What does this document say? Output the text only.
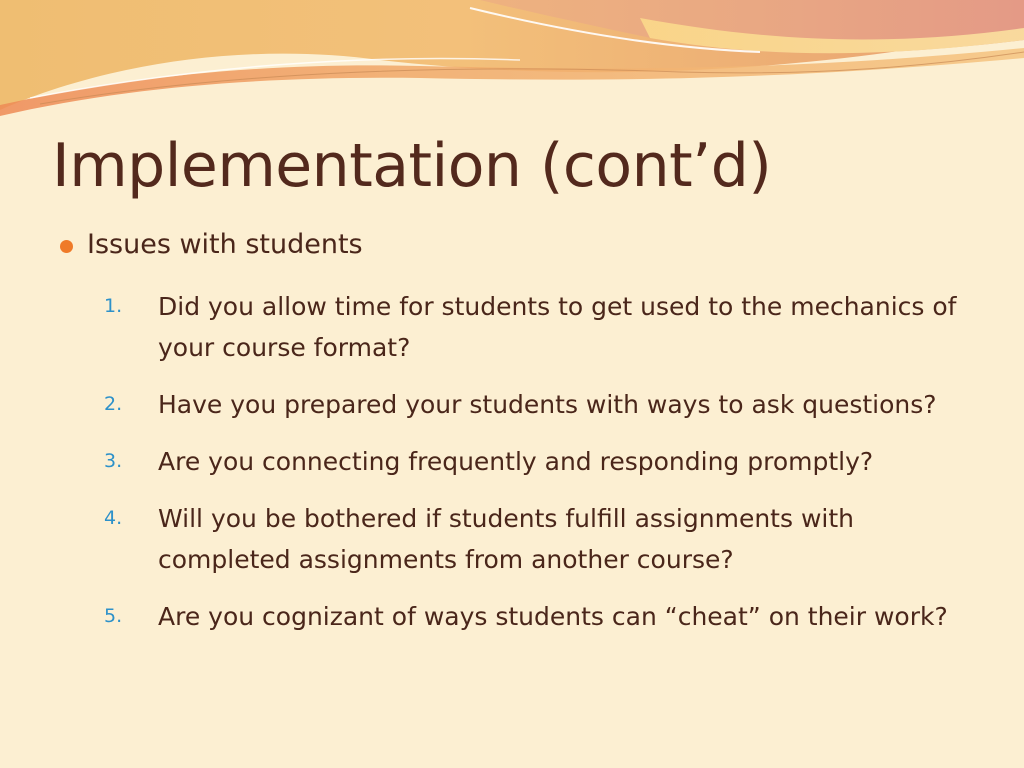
Implementation (cont’d)
Issues with students
1.	Did you allow time for students to get used to the mechanics of your course format?
2.	Have you prepared your students with ways to ask questions?
3.	Are you connecting frequently and responding promptly?
4.	Will you be bothered if students fulfill assignments with completed assignments from another course?
5.	Are you cognizant of ways students can “cheat” on their work?
